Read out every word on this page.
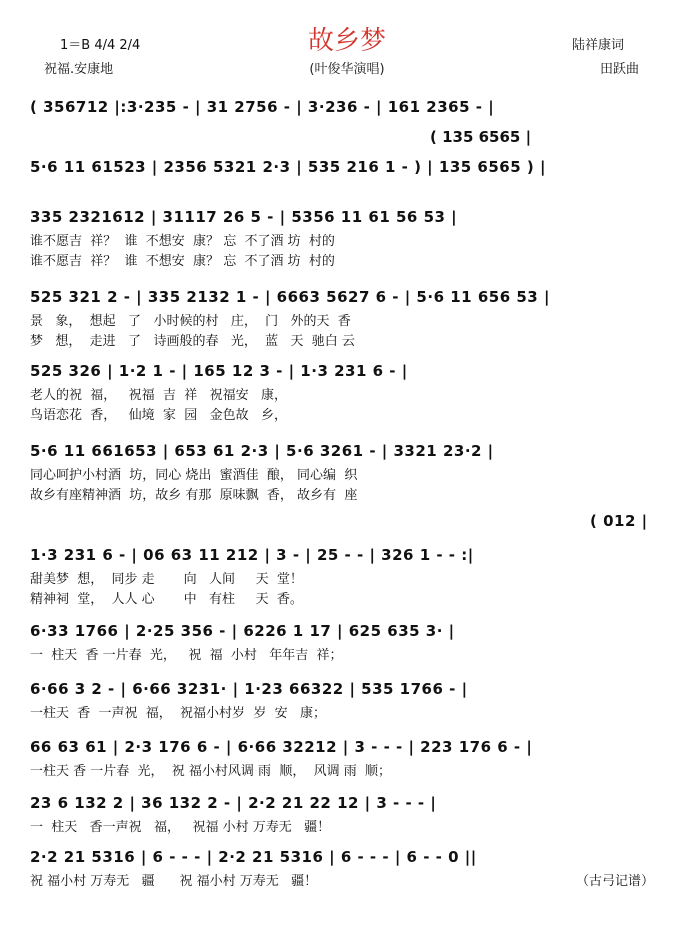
故乡梦
1＝B 4/4 2/4
祝福.安康地	(叶俊华演唱)
陆祥康词
田跃曲
( 356712 |:3·235 - | 31 2756 - | 3·236 - | 161 2365 - |
( 135 6565 |
5·6 11 61523 | 2356 5321 2·3 | 535 216 1 - ) | 135 6565 ) |
335 2321612 | 31117 26 5 - | 5356 11 61 56 53 |
谁不愿吉  祥？  谁  不想安  康？ 忘  不了酒 坊  村的
谁不愿吉  祥？  谁  不想安  康？ 忘  不了酒 坊  村的
525 321 2 - | 335 2132 1 - | 6663 5627 6 - | 5·6 11 656 53 |
景   象，  想起   了   小时候的村   庄，  门   外的天  香
梦   想，  走进   了   诗画般的春   光，  蓝   天  驰白 云
525 326 | 1·2 1 - | 165 12 3 - | 1·3 231 6 - |
老人的祝  福，   祝福  吉  祥   祝福安   康，
鸟语恋花  香，   仙境  家  园   金色故   乡，
5·6 11 661653 | 653 61 2·3 | 5·6 3261 - | 3321 23·2 |
同心呵护小村酒  坊，同心 烧出  蜜酒佳  酿， 同心编  织
故乡有座精神酒  坊，故乡 有那  原味飘  香， 故乡有  座
( 012 |
1·3 231 6 - | 06 63 11 212 | 3 - | 25 - - | 326 1 - - :|
甜美梦  想，  同步 走       向   人间     天  堂！
精神祠  堂，  人人 心       中   有柱     天  香。
6·33 1766 | 2·25 356 - | 6226 1 17 | 625 635 3· |
一  柱天  香 一片春  光，   祝  福  小村   年年吉  祥；
6·66 3 2 - | 6·66 3231· | 1·23 66322 | 535 1766 - |
一柱天  香  一声祝  福，  祝福小村岁  岁  安   康；
66 63 61 | 2·3 176 6 - | 6·66 32212 | 3 - - - | 223 176 6 - |
一柱天 香 一片春  光，  祝 福小村风调 雨  顺，  风调 雨  顺；
23 6 132 2 | 36 132 2 - | 2·2 21 22 12 | 3 - - - |
一  柱天   香一声祝   福，   祝福 小村 万寿无   疆！
2·2 21 5316 | 6 - - - | 2·2 21 5316 | 6 - - - | 6 - - 0 ||
祝 福小村 万寿无   疆      祝 福小村 万寿无   疆！	（古弓记谱）
